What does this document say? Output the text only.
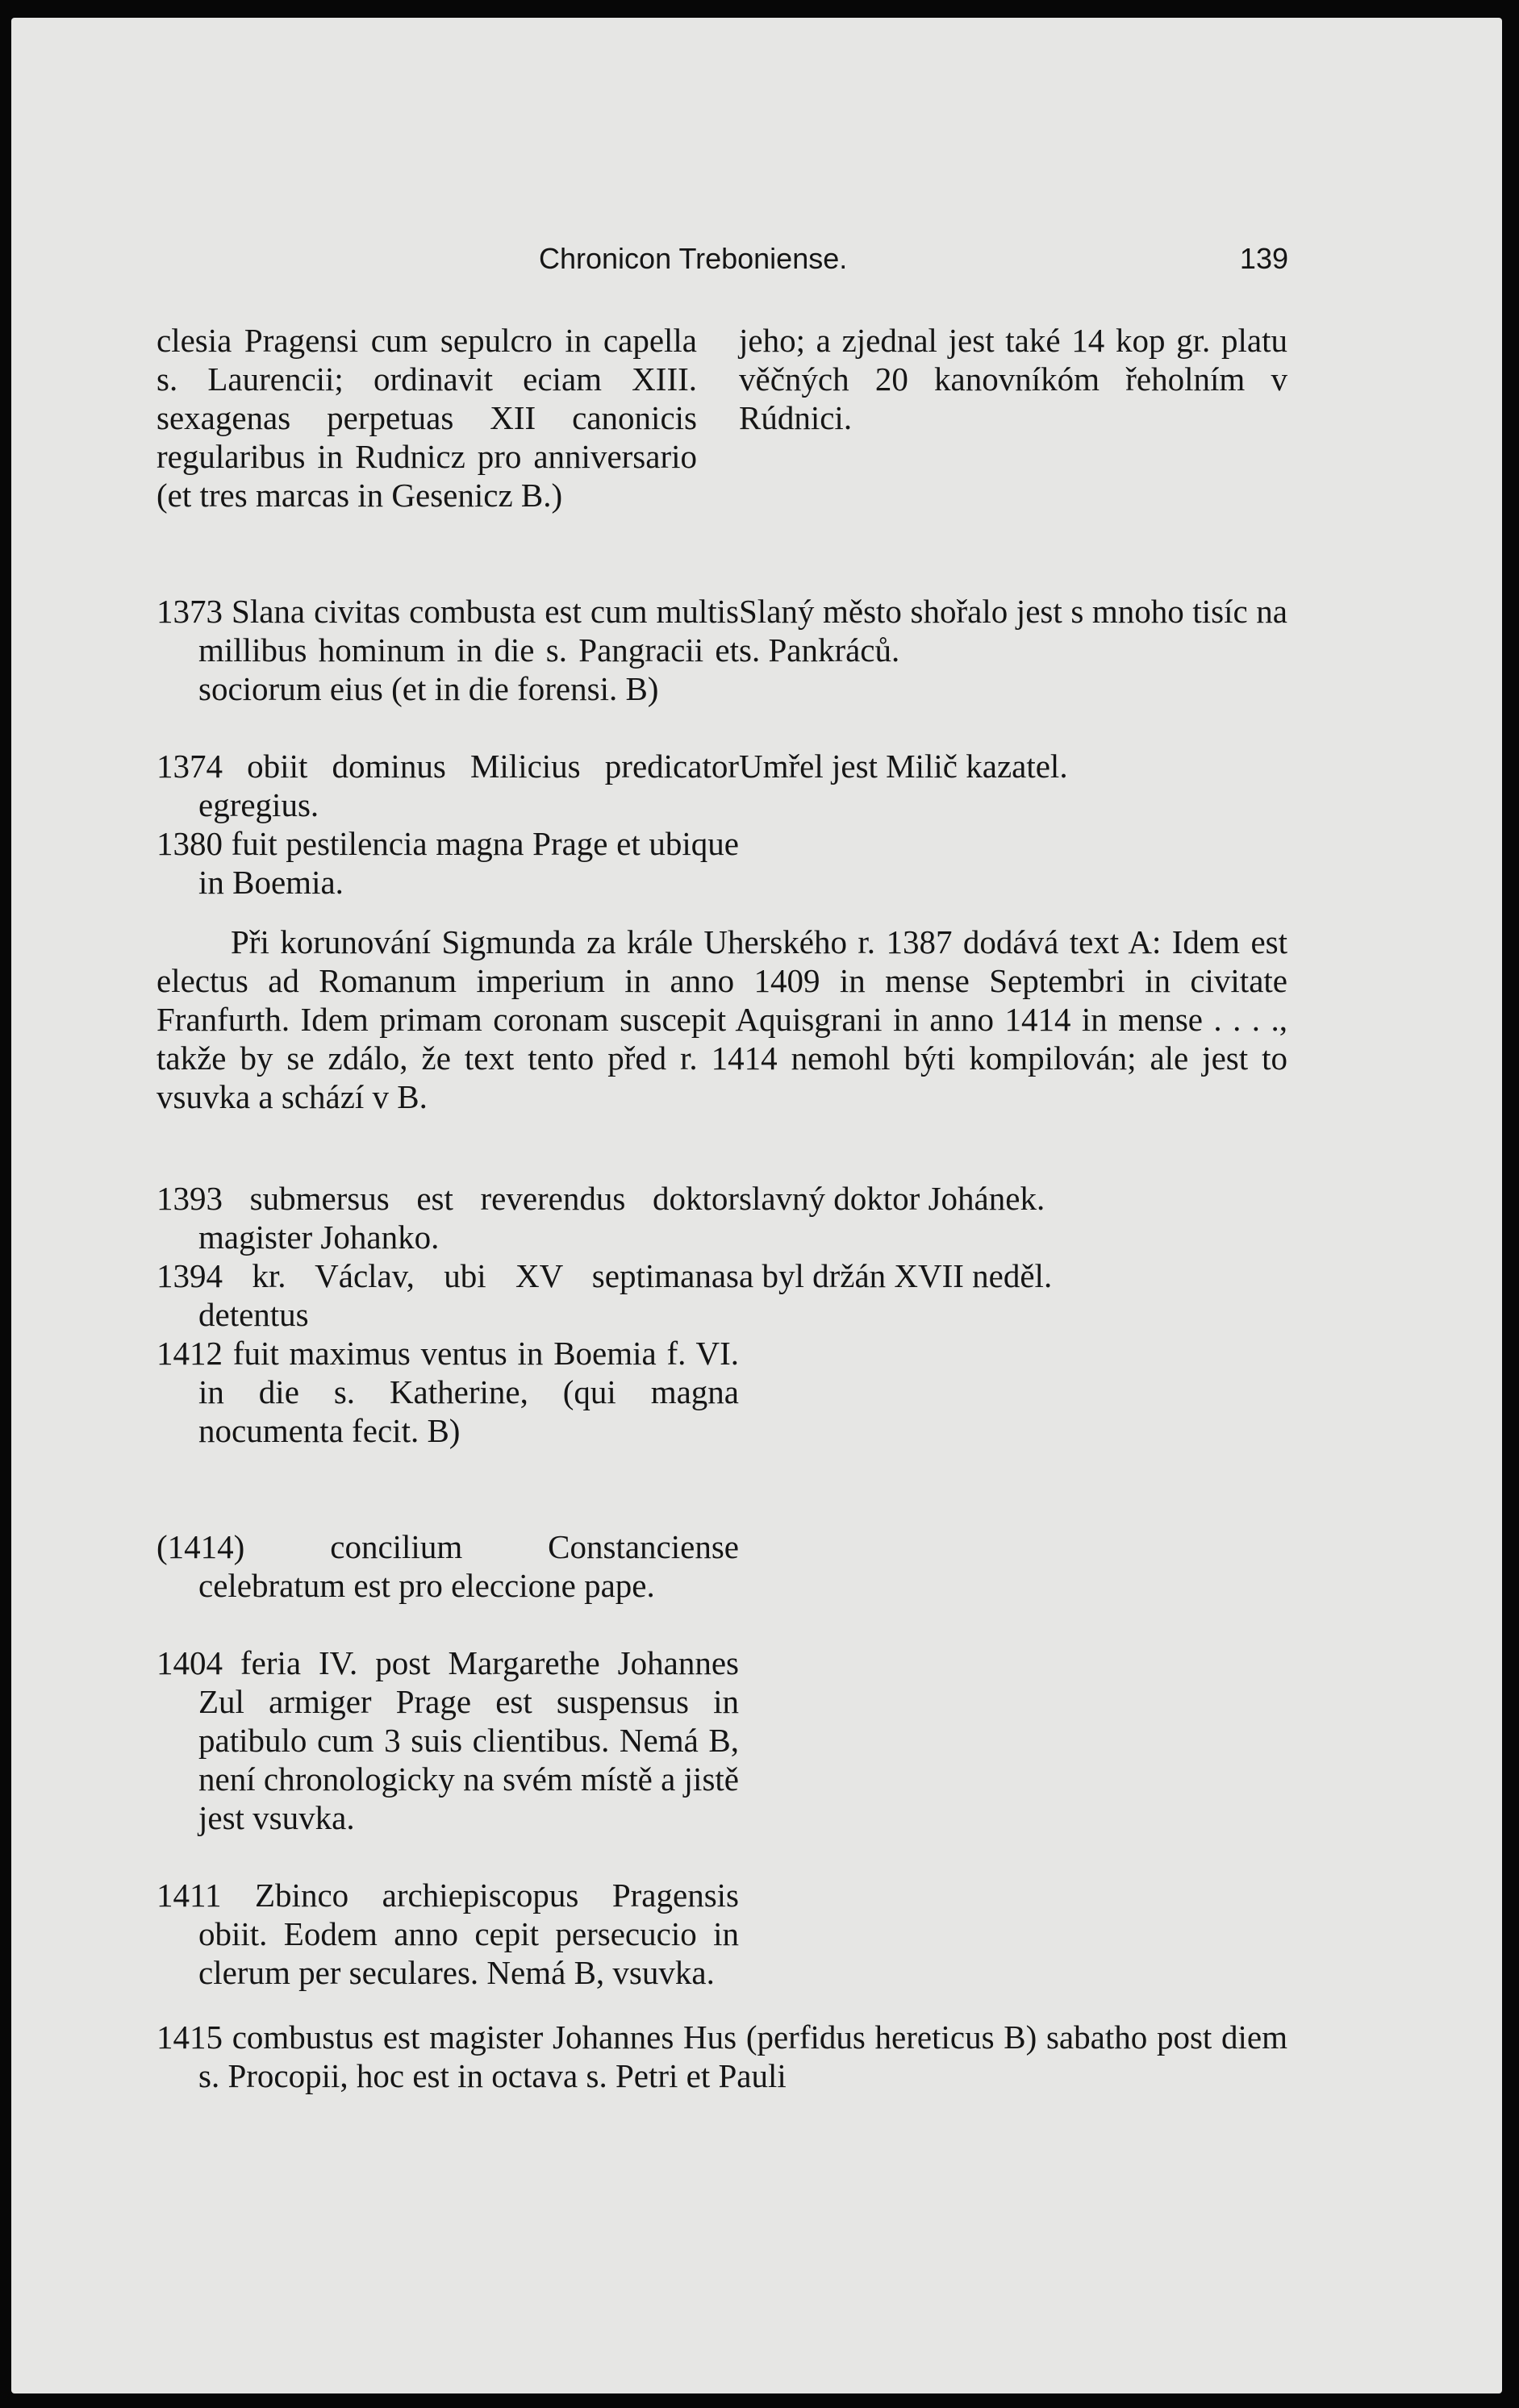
Chronicon Treboniense.	139

clesia Pragensi cum sepulcro in capella s. Laurencii; ordinavit eciam XIII. sexagenas perpetuas XII canonicis regularibus in Rudnicz pro anniversario (et tres marcas in Gesenicz B.)

1373 Slana civitas combusta est cum multis millibus hominum in die s. Pangracii et sociorum eius (et in die forensi. B)

1374 obiit dominus Milicius predicator egregius.

1380 fuit pestilencia magna Prage et ubique in Boemia.

jeho; a zjednal jest také 14 kop gr. platu věčných 20 kanovníkóm řeholním v Rúdnici.

Slaný město shořalo jest s mnoho tisíc na s. Pankráců.

Umřel jest Milič kazatel.

Při korunování Sigmunda za krále Uherského r. 1387 dodává text A: Idem est electus ad Romanum imperium in anno 1409 in mense Septembri in civitate Franfurth. Idem primam coronam suscepit Aquisgrani in anno 1414 in mense . . . ., takže by se zdálo, že text tento před r. 1414 nemohl býti kompilován; ale jest to vsuvka a schází v B.

1393 submersus est reverendus doktor magister Johanko.

1394 kr. Václav, ubi XV septimanas detentus

1412 fuit maximus ventus in Boemia f. VI. in die s. Katherine, (qui magna nocumenta fecit. B)

(1414) concilium Constanciense celebratum est pro eleccione pape.

1404 feria IV. post Margarethe Johannes Zul armiger Prage est suspensus in patibulo cum 3 suis clientibus. Nemá B, není chronologicky na svém místě a jistě jest vsuvka.

1411 Zbinco archiepiscopus Pragensis obiit. Eodem anno cepit persecucio in clerum per seculares. Nemá B, vsuvka.

slavný doktor Johánek.

a byl držán XVII neděl.

1415 combustus est magister Johannes Hus (perfidus hereticus B) sabatho post diem s. Procopii, hoc est in octava s. Petri et Pauli
